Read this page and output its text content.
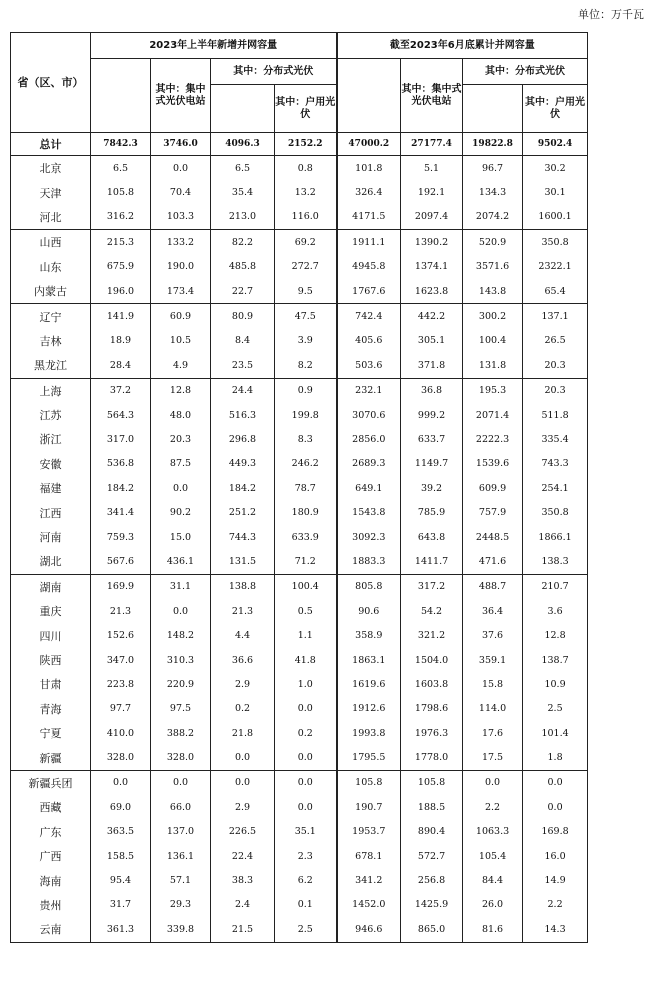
单位：万千瓦
省（区、市）	2023年上半年新增并网容量				截至2023年6月底累计并网容量			
		其中：集中式光伏电站	其中：分布式光伏			其中：集中式光伏电站	其中：分布式光伏	
				其中：户用光伏				其中：户用光伏
总计	7842.3	3746.0	4096.3	2152.2	47000.2	27177.4	19822.8	9502.4
北京	6.5	0.0	6.5	0.8	101.8	5.1	96.7	30.2
天津	105.8	70.4	35.4	13.2	326.4	192.1	134.3	30.1
河北	316.2	103.3	213.0	116.0	4171.5	2097.4	2074.2	1600.1
山西	215.3	133.2	82.2	69.2	1911.1	1390.2	520.9	350.8
山东	675.9	190.0	485.8	272.7	4945.8	1374.1	3571.6	2322.1
内蒙古	196.0	173.4	22.7	9.5	1767.6	1623.8	143.8	65.4
辽宁	141.9	60.9	80.9	47.5	742.4	442.2	300.2	137.1
吉林	18.9	10.5	8.4	3.9	405.6	305.1	100.4	26.5
黑龙江	28.4	4.9	23.5	8.2	503.6	371.8	131.8	20.3
上海	37.2	12.8	24.4	0.9	232.1	36.8	195.3	20.3
江苏	564.3	48.0	516.3	199.8	3070.6	999.2	2071.4	511.8
浙江	317.0	20.3	296.8	8.3	2856.0	633.7	2222.3	335.4
安徽	536.8	87.5	449.3	246.2	2689.3	1149.7	1539.6	743.3
福建	184.2	0.0	184.2	78.7	649.1	39.2	609.9	254.1
江西	341.4	90.2	251.2	180.9	1543.8	785.9	757.9	350.8
河南	759.3	15.0	744.3	633.9	3092.3	643.8	2448.5	1866.1
湖北	567.6	436.1	131.5	71.2	1883.3	1411.7	471.6	138.3
湖南	169.9	31.1	138.8	100.4	805.8	317.2	488.7	210.7
重庆	21.3	0.0	21.3	0.5	90.6	54.2	36.4	3.6
四川	152.6	148.2	4.4	1.1	358.9	321.2	37.6	12.8
陕西	347.0	310.3	36.6	41.8	1863.1	1504.0	359.1	138.7
甘肃	223.8	220.9	2.9	1.0	1619.6	1603.8	15.8	10.9
青海	97.7	97.5	0.2	0.0	1912.6	1798.6	114.0	2.5
宁夏	410.0	388.2	21.8	0.2	1993.8	1976.3	17.6	101.4
新疆	328.0	328.0	0.0	0.0	1795.5	1778.0	17.5	1.8
新疆兵团	0.0	0.0	0.0	0.0	105.8	105.8	0.0	0.0
西藏	69.0	66.0	2.9	0.0	190.7	188.5	2.2	0.0
广东	363.5	137.0	226.5	35.1	1953.7	890.4	1063.3	169.8
广西	158.5	136.1	22.4	2.3	678.1	572.7	105.4	16.0
海南	95.4	57.1	38.3	6.2	341.2	256.8	84.4	14.9
贵州	31.7	29.3	2.4	0.1	1452.0	1425.9	26.0	2.2
云南	361.3	339.8	21.5	2.5	946.6	865.0	81.6	14.3
